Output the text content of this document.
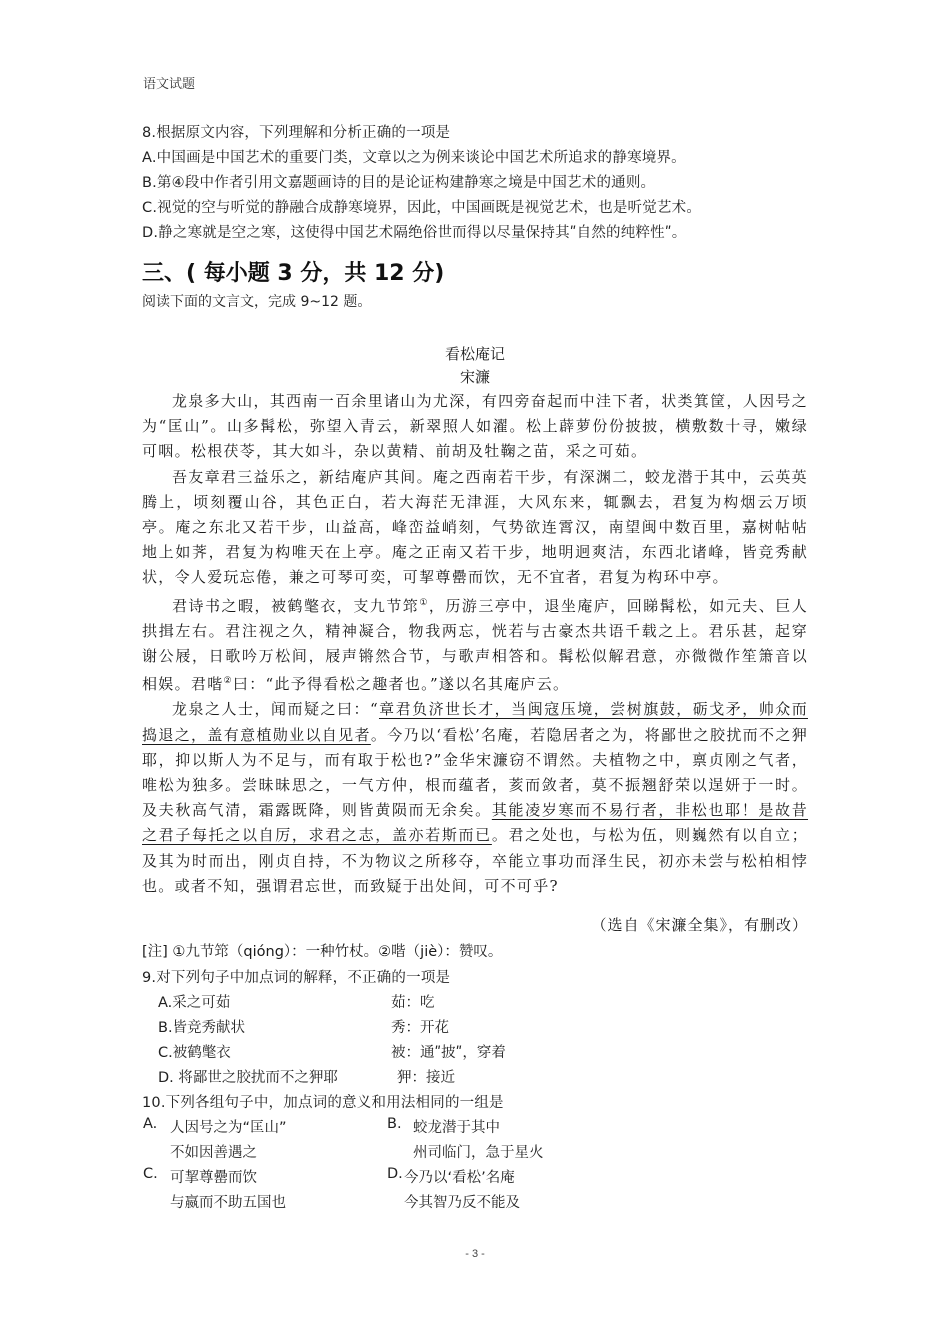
语文试题
8.根据原文内容，下列理解和分析正确的一项是
A.中国画是中国艺术的重要门类，文章以之为例来谈论中国艺术所追求的静寒境界。
B.第④段中作者引用文嘉题画诗的目的是论证构建静寒之境是中国艺术的通则。
C.视觉的空与听觉的静融合成静寒境界，因此，中国画既是视觉艺术，也是听觉艺术。
D.静之寒就是空之寒，这使得中国艺术隔绝俗世而得以尽量保持其ʺ自然的纯粹性ʺ。
三、( 每小题 3 分，共 12 分)
阅读下面的文言文，完成 9~12 题。
看松庵记
宋濂

龙泉多大山，其西南一百余里诸山为尤深，有四旁奋起而中洼下者，状类箕筐，人因号之为“匡山”。山多髯松，弥望入青云，新翠照人如濯。松上薜萝份份披披，横敷数十寻，嫩绿可咽。松根茯苓，其大如斗，杂以黄精、前胡及牡鞠之苗，采之可茹。

吾友章君三益乐之，新结庵庐其间。庵之西南若干步，有深渊二，蛟龙潜于其中，云英英腾上，顷刻覆山谷，其色正白，若大海茫无津涯，大风东来，辄飘去，君复为构烟云万顷亭。庵之东北又若干步，山益高，峰峦益峭刻，气势欲连霄汉，南望闽中数百里，嘉树帖帖地上如荠，君复为构唯天在上亭。庵之正南又若干步，地明迥爽洁，东西北诸峰，皆竞秀献状，令人爱玩忘倦，兼之可琴可奕，可挈尊罍而饮，无不宜者，君复为构环中亭。

君诗书之暇，被鹤氅衣，支九节筇①，历游三亭中，退坐庵庐，回睇髯松，如元夫、巨人拱揖左右。君注视之久，精神凝合，物我两忘，恍若与古豪杰共语千载之上。君乐甚，起穿谢公屐，日歌吟万松间，屐声锵然合节，与歌声相答和。髯松似解君意，亦微微作笙箫音以相娱。君喈②曰：“此予得看松之趣者也。”遂以名其庵庐云。

龙泉之人士，闻而疑之曰：“章君负济世长才，当闽寇压境，尝树旗鼓，砺戈矛，帅众而捣退之，盖有意植勋业以自见者。今乃以‘看松’名庵，若隐居者之为，将鄙世之胶扰而不之狎耶，抑以斯人为不足与，而有取于松也?”金华宋濂窃不谓然。夫植物之中，禀贞刚之气者，唯松为独多。尝昧昧思之，一气方仲，根而蕴者，荄而敛者，莫不振翘舒荣以逞妍于一时。及夫秋高气清，霜露既降，则皆黄陨而无余矣。其能凌岁寒而不易行者，非松也耶！是故昔之君子每托之以自厉，求君之志，盖亦若斯而已。君之处也，与松为伍，则巍然有以自立；及其为时而出，刚贞自持，不为物议之所移夺，卒能立事功而泽生民，初亦未尝与松柏相悖也。或者不知，强谓君忘世，而致疑于出处间，可不可乎?

（选自《宋濂全集》，有删改）
[注] ①九节筇（qióng）：一种竹杖。②喈（jiè）：赞叹。
9.对下列句子中加点词的解释，不正确的一项是
A.采之可茹	茹：吃
B.皆竞秀献状	秀：开花
C.被鹤氅衣	被：通ʺ披ʺ，穿着
D. 将鄙世之胶扰而不之狎耶	狎：接近
10.下列各组句子中，加点词的意义和用法相同的一组是
A. 人因号之为“匡山”
不如因善遇之
B. 蛟龙潜于其中
州司临门，急于星火
C. 可挈尊罍而饮
与嬴而不助五国也
D. 今乃以‘看松’名庵
今其智乃反不能及
- 3 -
